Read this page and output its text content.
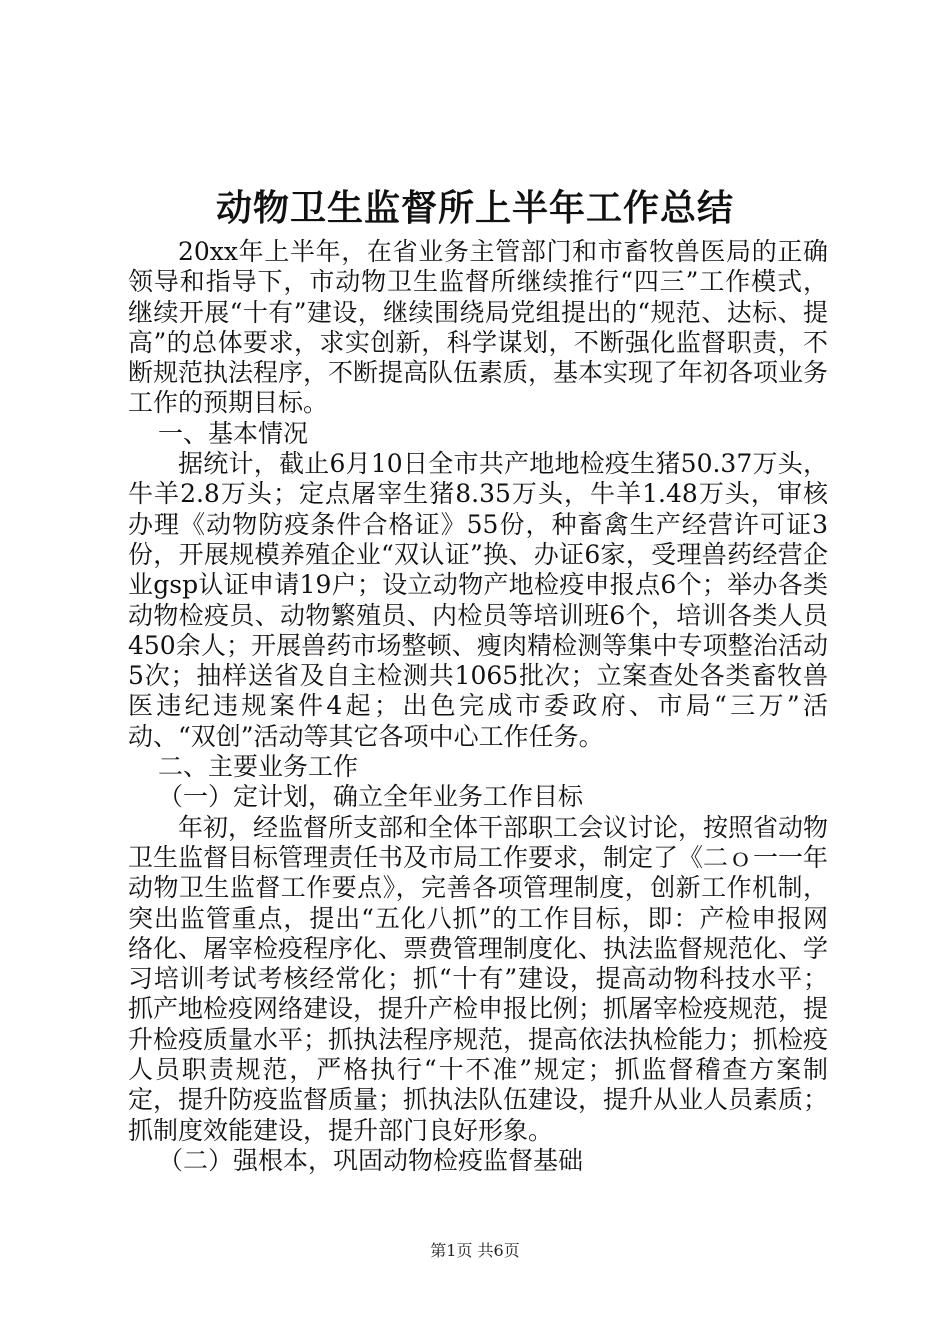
动物卫生监督所上半年工作总结

20xx年上半年，在省业务主管部门和市畜牧兽医局的正确领导和指导下，市动物卫生监督所继续推行“四三”工作模式，继续开展“十有”建设，继续围绕局党组提出的“规范、达标、提高”的总体要求，求实创新，科学谋划，不断强化监督职责，不断规范执法程序，不断提高队伍素质，基本实现了年初各项业务工作的预期目标。

一、基本情况

据统计，截止6月10日全市共产地地检疫生猪50.37万头，牛羊2.8万头；定点屠宰生猪8.35万头，牛羊1.48万头，审核办理《动物防疫条件合格证》55份，种畜禽生产经营许可证3份，开展规模养殖企业“双认证”换、办证6家，受理兽药经营企业gsp认证申请19户；设立动物产地检疫申报点6个；举办各类动物检疫员、动物繁殖员、内检员等培训班6个，培训各类人员450余人；开展兽药市场整顿、瘦肉精检测等集中专项整治活动5次；抽样送省及自主检测共1065批次；立案查处各类畜牧兽医违纪违规案件4起；出色完成市委政府、市局“三万”活动、“双创”活动等其它各项中心工作任务。

二、主要业务工作

（一）定计划，确立全年业务工作目标

年初，经监督所支部和全体干部职工会议讨论，按照省动物卫生监督目标管理责任书及市局工作要求，制定了《二ｏ一一年动物卫生监督工作要点》，完善各项管理制度，创新工作机制，突出监管重点，提出“五化八抓”的工作目标，即：产检申报网络化、屠宰检疫程序化、票费管理制度化、执法监督规范化、学习培训考试考核经常化；抓“十有”建设，提高动物科技水平；抓产地检疫网络建设，提升产检申报比例；抓屠宰检疫规范，提升检疫质量水平；抓执法程序规范，提高依法执检能力；抓检疫人员职责规范，严格执行“十不准”规定；抓监督稽查方案制定，提升防疫监督质量；抓执法队伍建设，提升从业人员素质；抓制度效能建设，提升部门良好形象。

（二）强根本，巩固动物检疫监督基础

第1页 共6页
